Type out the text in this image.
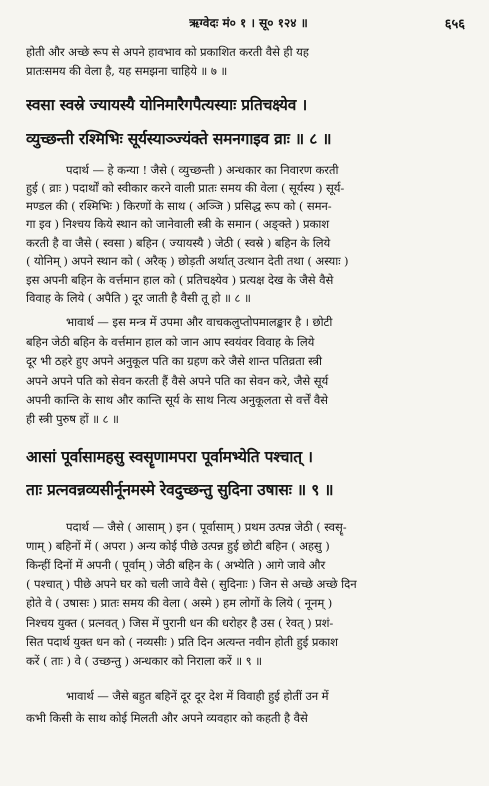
ऋग्वेदः मं० १ । सू० १२४ ॥	६५६
होती और अच्छे रूप से अपने हावभाव को प्रकाशित करती वैसे ही यह
प्रातःसमय की वेला है, यह समझना चाहिये ॥ ७ ॥
स्वसा स्वस्रे ज्यायस्यै योनिमारैगपैत्यस्याः प्रतिचक्ष्येव ।
व्युच्छन्ती रश्मिभिः सूर्यस्याञ्ज्यंक्ते समनगाइव व्राः ॥ ८ ॥
पदार्थ — हे कन्या ! जैसे ( व्युच्छन्ती ) अन्धकार का निवारण करती
हुई ( व्राः ) पदार्थों को स्वीकार करने वाली प्रातः समय की वेला ( सूर्यस्य ) सूर्य-
मण्डल की ( रश्मिभिः ) किरणों के साथ ( अञ्जि ) प्रसिद्ध रूप को ( समन-
गा इव ) निश्चय किये स्थान को जानेवाली स्त्री के समान ( अङ्क्ते ) प्रकाश
करती है वा जैसे ( स्वसा ) बहिन ( ज्यायस्यै ) जेठी ( स्वस्रे ) बहिन के लिये
( योनिम् ) अपने स्थान को ( अरैक् ) छोड़ती अर्थात् उत्थान देती तथा ( अस्याः )
इस अपनी बहिन के वर्त्तमान हाल को ( प्रतिचक्ष्येव ) प्रत्यक्ष देख के जैसे वैसे
विवाह के लिये ( अपैति ) दूर जाती है वैसी तू हो ॥ ८ ॥
भावार्थ — इस मन्त्र में उपमा और वाचकलुप्तोपमालङ्कार है । छोटी
बहिन जेठी बहिन के वर्त्तमान हाल को जान आप स्वयंवर विवाह के लिये
दूर भी ठहरे हुए अपने अनुकूल पति का ग्रहण करे जैसे शान्त पतिव्रता स्त्री
अपने अपने पति को सेवन करती हैं वैसे अपने पति का सेवन करे, जैसे सूर्य
अपनी कान्ति के साथ और कान्ति सूर्य के साथ नित्य अनुकूलता से वर्त्तें वैसे
ही स्त्री पुरुष हों ॥ ८ ॥
आसां पूर्वासामहसु स्वसॄणामपरा पूर्वामभ्येति पश्चात् ।
ताः प्रत्नवन्नव्यसीर्नूनमस्मे रेवदुच्छन्तु सुदिना उषासः ॥ ९ ॥
पदार्थ — जैसे ( आसाम् ) इन ( पूर्वासाम् ) प्रथम उत्पन्न जेठी ( स्वसॄ-
णाम् ) बहिनों में ( अपरा ) अन्य कोई पीछे उत्पन्न हुई छोटी बहिन ( अहसु )
किन्हीं दिनों में अपनी ( पूर्वाम् ) जेठी बहिन के ( अभ्येति ) आगे जावे और
( पश्चात् ) पीछे अपने घर को चली जावे वैसे ( सुदिनाः ) जिन से अच्छे अच्छे दिन
होते वे ( उषासः ) प्रातः समय की वेला ( अस्मे ) हम लोगों के लिये ( नूनम् )
निश्चय युक्त ( प्रत्नवत् ) जिस में पुरानी धन की धरोहर है उस ( रेवत् ) प्रशं-
सित पदार्थ युक्त धन को ( नव्यसीः ) प्रति दिन अत्यन्त नवीन होती हुई प्रकाश
करें ( ताः ) वे ( उच्छन्तु ) अन्धकार को निराला करें ॥ ९ ॥
भावार्थ — जैसे बहुत बहिनें दूर दूर देश में विवाही हुई होतीं उन में
कभी किसी के साथ कोई मिलती और अपने व्यवहार को कहती है वैसे
